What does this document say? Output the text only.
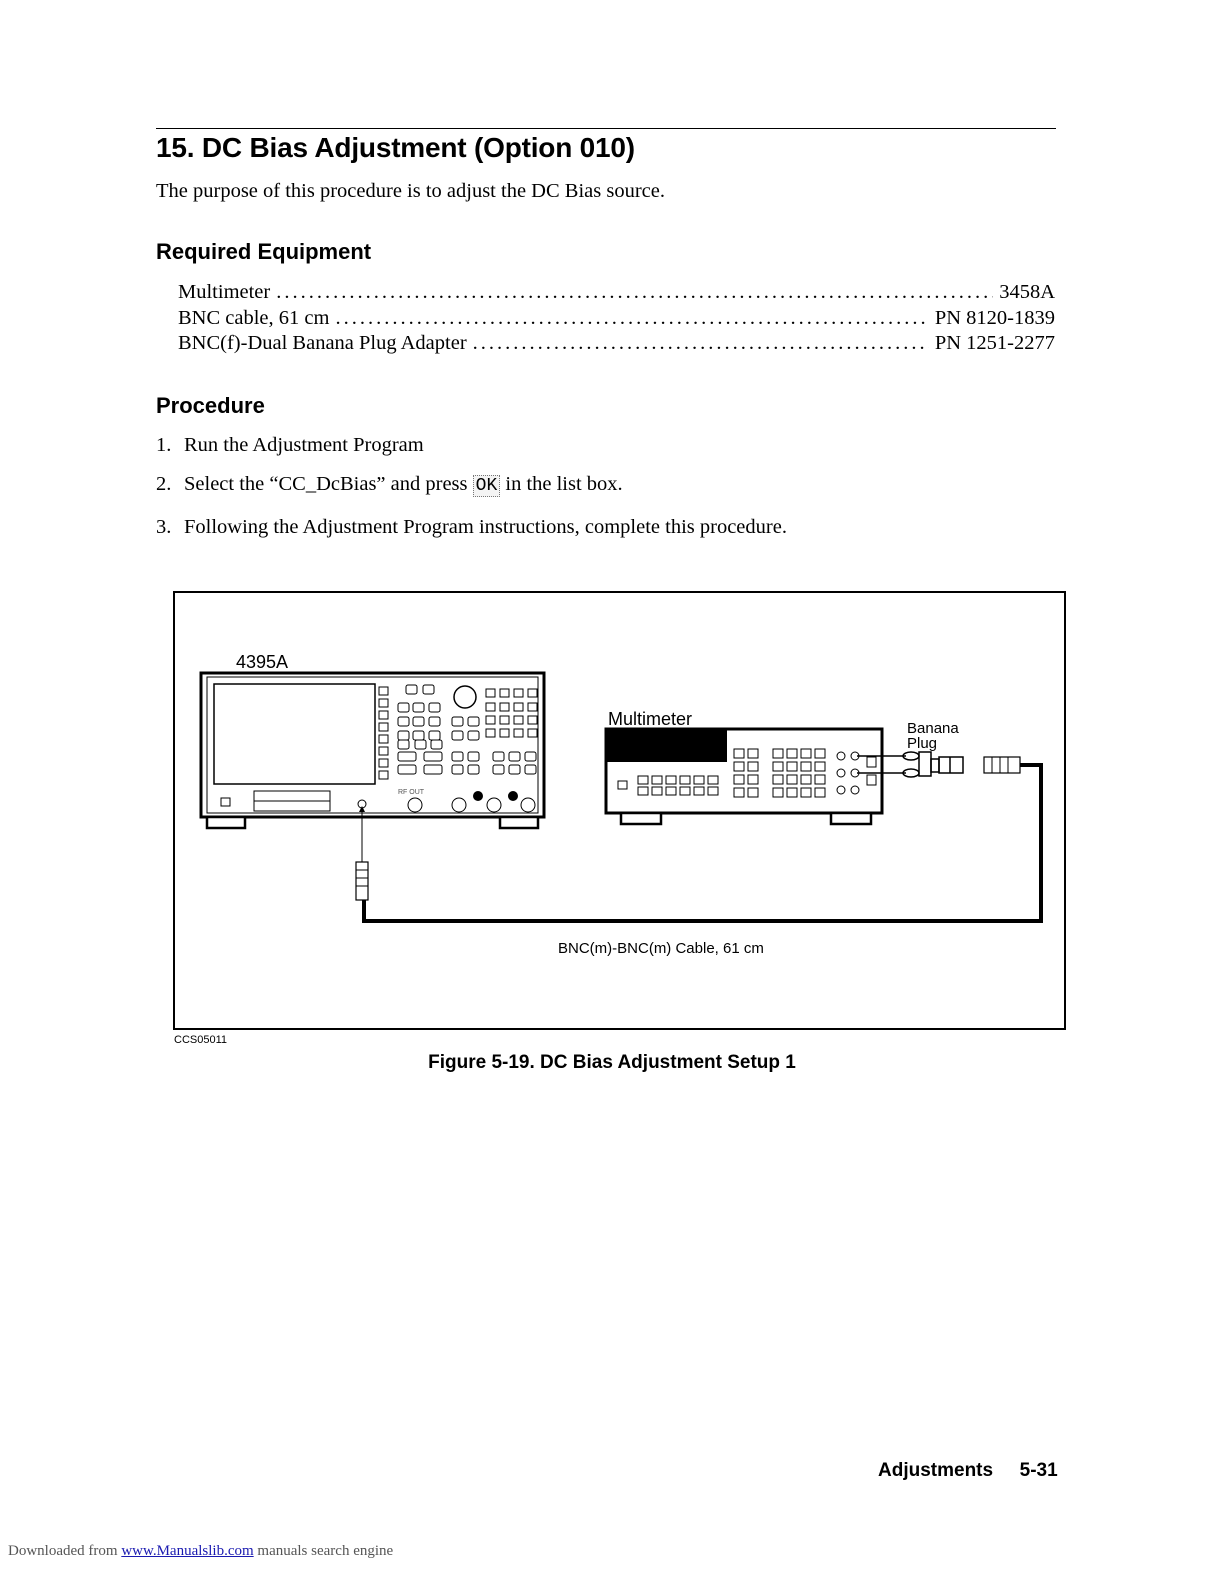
15. DC Bias Adjustment (Option 010)
The purpose of this procedure is to adjust the DC Bias source.
Required Equipment
Multimeter .....	3458A
BNC cable, 61 cm .....	PN 8120-1839
BNC(f)-Dual Banana Plug Adapter .....	PN 1251-2277
Procedure
1. Run the Adjustment Program
2. Select the “CC_DcBias” and press OK in the list box.
3. Following the Adjustment Program instructions, complete this procedure.
4395A
RF OUT
Multimeter	Banana
Plug
BNC(m)-BNC(m) Cable, 61 cm
CCS05011
Figure 5-19. DC Bias Adjustment Setup 1
Adjustments 5-31
Downloaded from www.Manualslib.com manuals search engine
